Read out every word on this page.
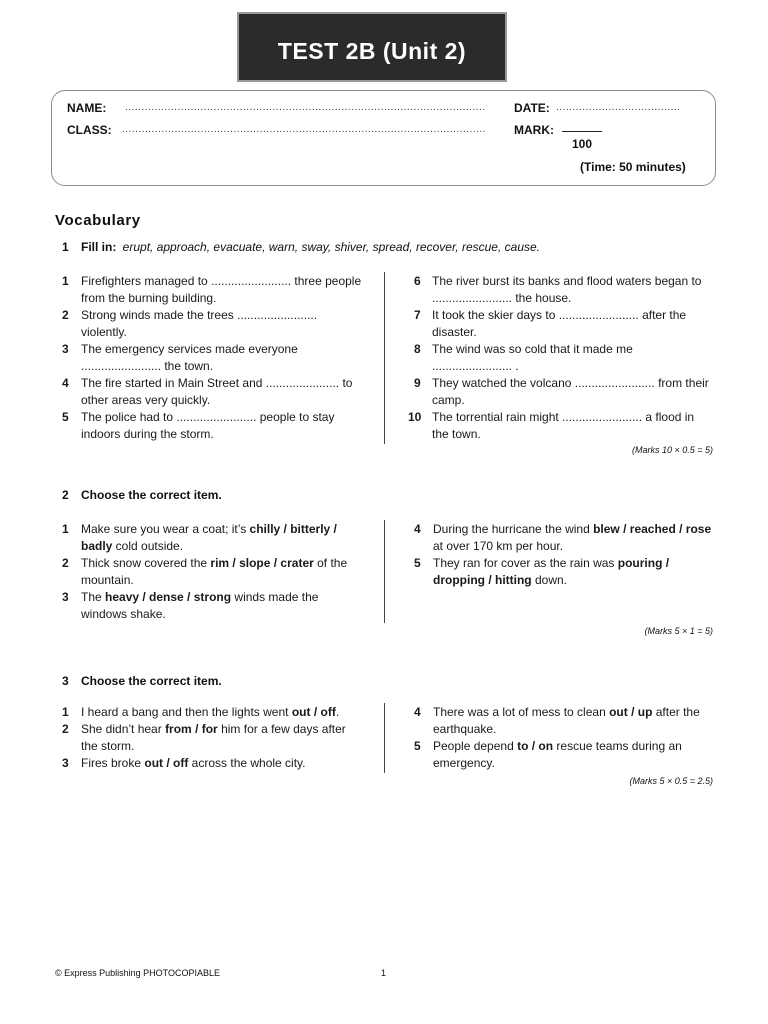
TEST 2B (Unit 2)
NAME: ..............................................................................................................	DATE: ......................................
CLASS: ...............................................................................................................	MARK:
100
(Time: 50 minutes)
Vocabulary
1 Fill in: erupt, approach, evacuate, warn, sway, shiver, spread, recover, rescue, cause.
1 Firefighters managed to ........................ three people from the burning building.
2 Strong winds made the trees ........................ violently.
3 The emergency services made everyone ........................ the town.
4 The fire started in Main Street and ...................... to other areas very quickly.
5 The police had to ........................ people to stay indoors during the storm.
6 The river burst its banks and flood waters began to ........................ the house.
7 It took the skier days to ........................ after the disaster.
8 The wind was so cold that it made me ........................ .
9 They watched the volcano ........................ from their camp.
10 The torrential rain might ........................ a flood in the town.
(Marks 10 × 0.5 = 5)
2 Choose the correct item.
1 Make sure you wear a coat; it’s chilly / bitterly / badly cold outside.
2 Thick snow covered the rim / slope / crater of the mountain.
3 The heavy / dense / strong winds made the windows shake.
4 During the hurricane the wind blew / reached / rose at over 170 km per hour.
5 They ran for cover as the rain was pouring / dropping / hitting down.
(Marks 5 × 1 = 5)
3 Choose the correct item.
1 I heard a bang and then the lights went out / off.
2 She didn’t hear from / for him for a few days after the storm.
3 Fires broke out / off across the whole city.
4 There was a lot of mess to clean out / up after the earthquake.
5 People depend to / on rescue teams during an emergency.
(Marks 5 × 0.5 = 2.5)
© Express Publishing PHOTOCOPIABLE	1
